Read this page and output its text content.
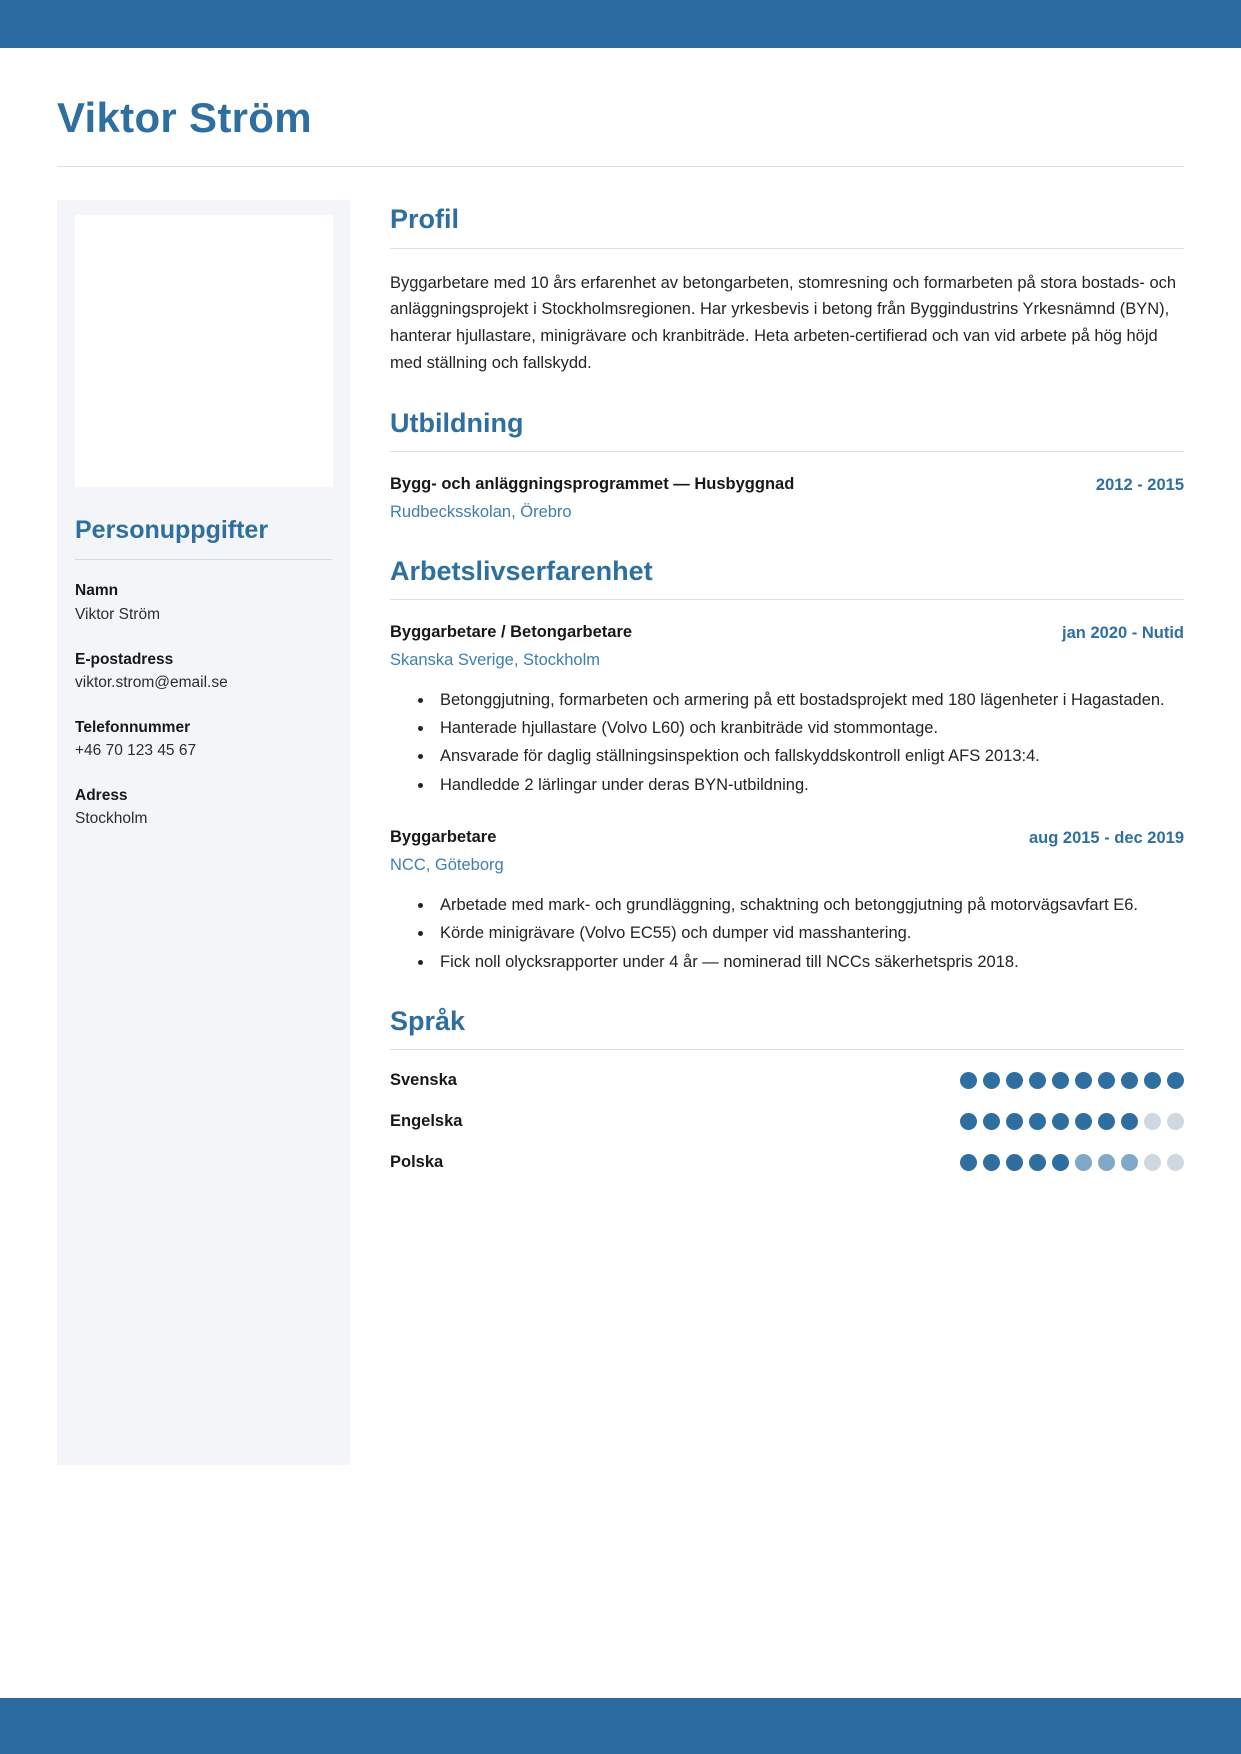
Viktor Ström
Personuppgifter
Namn
Viktor Ström
E-postadress
viktor.strom@email.se
Telefonnummer
+46 70 123 45 67
Adress
Stockholm
Profil

Byggarbetare med 10 års erfarenhet av betongarbeten, stomresning och formarbeten på stora bostads- och anläggningsprojekt i Stockholmsregionen. Har yrkesbevis i betong från Byggindustrins Yrkesnämnd (BYN), hanterar hjullastare, minigrävare och kranbiträde. Heta arbeten-certifierad och van vid arbete på hög höjd med ställning och fallskydd.

Utbildning
Bygg- och anläggningsprogrammet — Husbyggnad	2012 - 2015
Rudbecksskolan, Örebro
Arbetslivserfarenhet
Byggarbetare / Betongarbetare	jan 2020 - Nutid
Skanska Sverige, Stockholm
• Betonggjutning, formarbeten och armering på ett bostadsprojekt med 180 lägenheter i Hagastaden.
• Hanterade hjullastare (Volvo L60) och kranbiträde vid stommontage.
• Ansvarade för daglig ställningsinspektion och fallskyddskontroll enligt AFS 2013:4.
• Handledde 2 lärlingar under deras BYN-utbildning.
Byggarbetare	aug 2015 - dec 2019
NCC, Göteborg
• Arbetade med mark- och grundläggning, schaktning och betonggjutning på motorvägsavfart E6.
• Körde minigrävare (Volvo EC55) och dumper vid masshantering.
• Fick noll olycksrapporter under 4 år — nominerad till NCCs säkerhetspris 2018.
Språk
Svenska
Engelska
Polska
